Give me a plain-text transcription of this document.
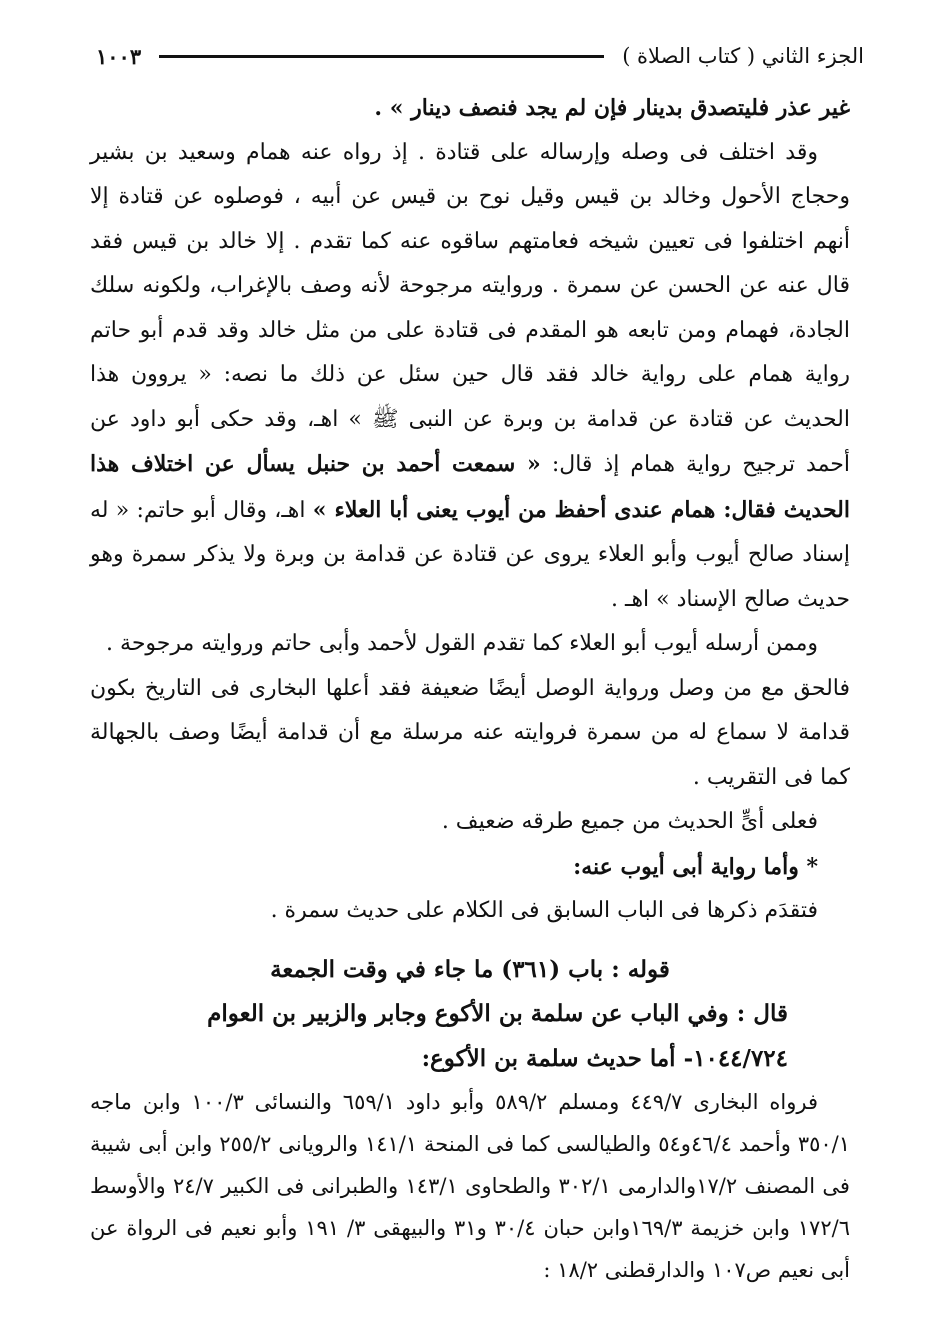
الجزء الثاني ( كتاب الصلاة )
١٠٠٣

غير عذر فليتصدق بدينار فإن لم يجد فنصف دينار » .

وقد اختلف فى وصله وإرساله على قتادة . إذ رواه عنه همام وسعيد بن بشير وحجاج الأحول وخالد بن قيس وقيل نوح بن قيس عن أبيه ، فوصلوه عن قتادة إلا أنهم اختلفوا فى تعيين شيخه فعامتهم ساقوه عنه كما تقدم . إلا خالد بن قيس فقد قال عنه عن الحسن عن سمرة . وروايته مرجوحة لأنه وصف بالإغراب، ولكونه سلك الجادة، فهمام ومن تابعه هو المقدم فى قتادة على من مثل خالد وقد قدم أبو حاتم رواية همام على رواية خالد فقد قال حين سئل عن ذلك ما نصه: « يروون هذا الحديث عن قتادة عن قدامة بن وبرة عن النبى ﷺ » اهـ، وقد حكى أبو داود عن أحمد ترجيح رواية همام إذ قال: « سمعت أحمد بن حنبل يسأل عن اختلاف هذا الحديث فقال: همام عندى أحفظ من أيوب يعنى أبا العلاء » اهـ، وقال أبو حاتم: « له إسناد صالح أيوب وأبو العلاء يروى عن قتادة عن قدامة بن وبرة ولا يذكر سمرة وهو حديث صالح الإسناد » اهـ .

وممن أرسله أيوب أبو العلاء كما تقدم القول لأحمد وأبى حاتم وروايته مرجوحة .

فالحق مع من وصل ورواية الوصل أيضًا ضعيفة فقد أعلها البخارى فى التاريخ بكون قدامة لا سماع له من سمرة فروايته عنه مرسلة مع أن قدامة أيضًا وصف بالجهالة كما فى التقريب .

فعلى أىٍّ الحديث من جميع طرقه ضعيف .

* وأما رواية أبى أيوب عنه:

فتقدَم ذكرها فى الباب السابق فى الكلام على حديث سمرة .

قوله : باب (٣٦١) ما جاء في وقت الجمعة

قال : وفي الباب عن سلمة بن الأكوع وجابر والزبير بن العوام

١٠٤٤/٧٢٤- أما حديث سلمة بن الأكوع:

فرواه البخارى ٤٤٩/٧ ومسلم ٥٨٩/٢ وأبو داود ٦٥٩/١ والنسائى ١٠٠/٣ وابن ماجه ٣٥٠/١ وأحمد ٤٦/٤و٥٤ والطيالسى كما فى المنحة ١٤١/١ والرويانى ٢٥٥/٢ وابن أبى شيبة فى المصنف ١٧/٢والدارمى ٣٠٢/١ والطحاوى ١٤٣/١ والطبرانى فى الكبير ٢٤/٧ والأوسط ١٧٢/٦ وابن خزيمة ١٦٩/٣وابن حبان ٣٠/٤ و٣١ والبيهقى ٣/ ١٩١ وأبو نعيم فى الرواة عن أبى نعيم ص١٠٧ والدارقطنى ١٨/٢ :
